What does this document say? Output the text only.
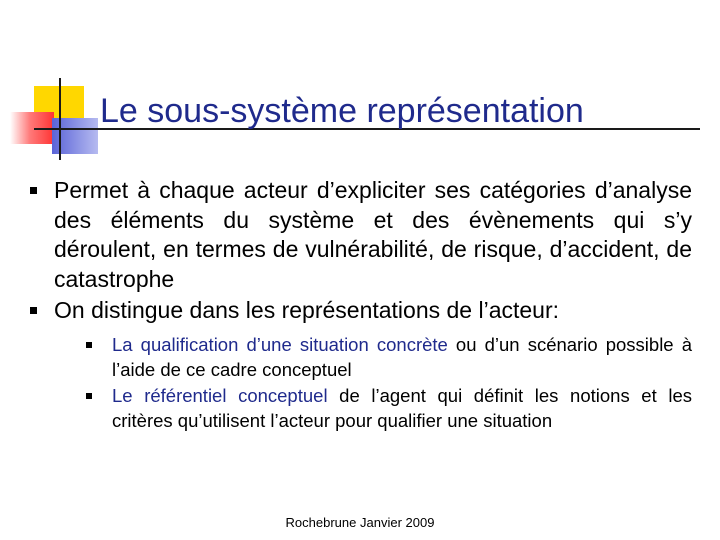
Le sous-système représentation
Permet à chaque acteur d’expliciter ses catégories d’analyse des éléments du système et des évènements qui s’y déroulent, en termes de vulnérabilité, de risque, d’accident, de catastrophe
On distingue dans les représentations de l’acteur:
La qualification d’une situation concrète ou d’un scénario possible à l’aide de ce cadre conceptuel
Le référentiel conceptuel de l’agent qui définit les notions et les critères qu’utilisent l’acteur pour qualifier une situation
Rochebrune Janvier 2009
